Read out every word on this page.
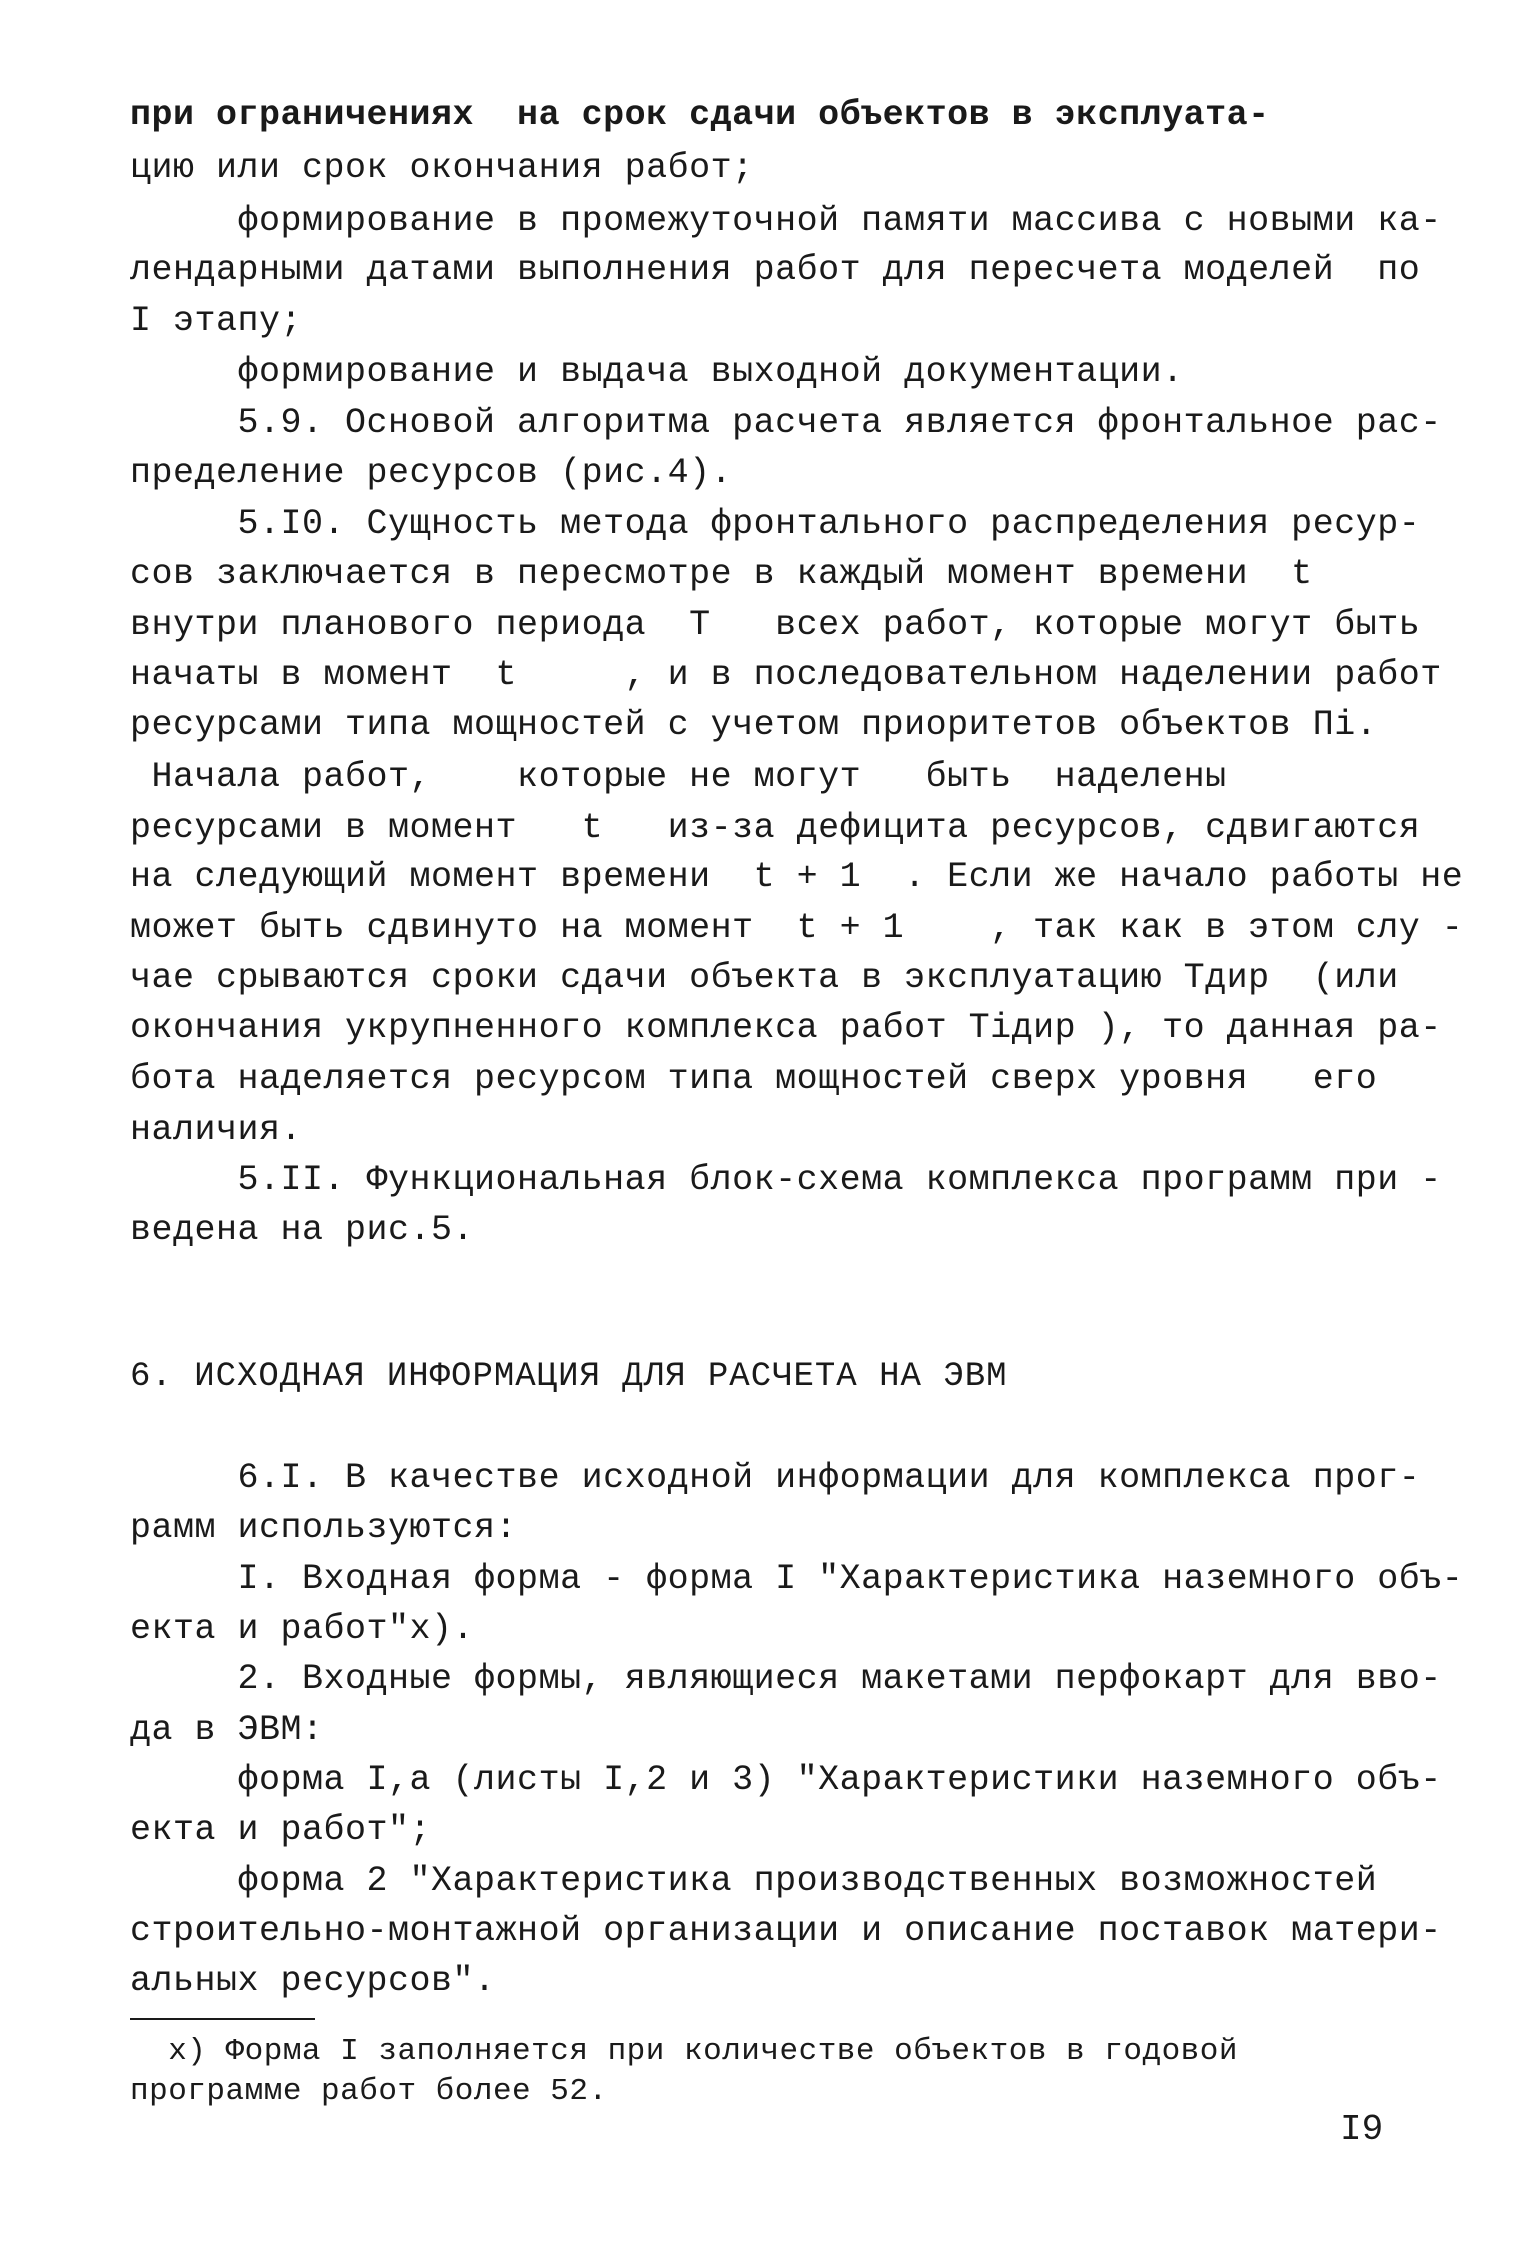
при ограничениях  на срок сдачи объектов в эксплуата-
цию или срок окончания работ;
формирование в промежуточной памяти массива с новыми ка-
лендарными датами выполнения работ для пересчета моделей  по
I этапу;
формирование и выдача выходной документации.
5.9. Основой алгоритма расчета является фронтальное рас-
пределение ресурсов (рис.4).
5.I0. Сущность метода фронтального распределения ресур-
сов заключается в пересмотре в каждый момент времени  t
внутри планового периода  T   всех работ, которые могут быть
начаты в момент  t     , и в последовательном наделении работ
ресурсами типа мощностей с учетом приоритетов объектов Пi.
Начала работ,    которые не могут   быть  наделены
ресурсами в момент   t   из-за дефицита ресурсов, сдвигаются
на следующий момент времени  t + 1  . Если же начало работы не
может быть сдвинуто на момент  t + 1    , так как в этом слу -
чае срываются сроки сдачи объекта в эксплуатацию Tдир  (или
окончания укрупненного комплекса работ Tiдир ), то данная ра-
бота наделяется ресурсом типа мощностей сверх уровня   его
наличия.
5.II. Функциональная блок-схема комплекса программ при -
ведена на рис.5.
6. ИСХОДНАЯ ИНФОРМАЦИЯ ДЛЯ РАСЧЕТА НА ЭВМ
6.I. В качестве исходной информации для комплекса прог-
рамм используются:
I. Входная форма - форма I "Характеристика наземного объ-
екта и работ"x).
2. Входные формы, являющиеся макетами перфокарт для вво-
да в ЭВМ:
форма I,а (листы I,2 и 3) "Характеристики наземного объ-
екта и работ";
форма 2 "Характеристика производственных возможностей
строительно-монтажной организации и описание поставок матери-
альных ресурсов".
x) Форма I заполняется при количестве объектов в годовой
программе работ более 52.
I9
